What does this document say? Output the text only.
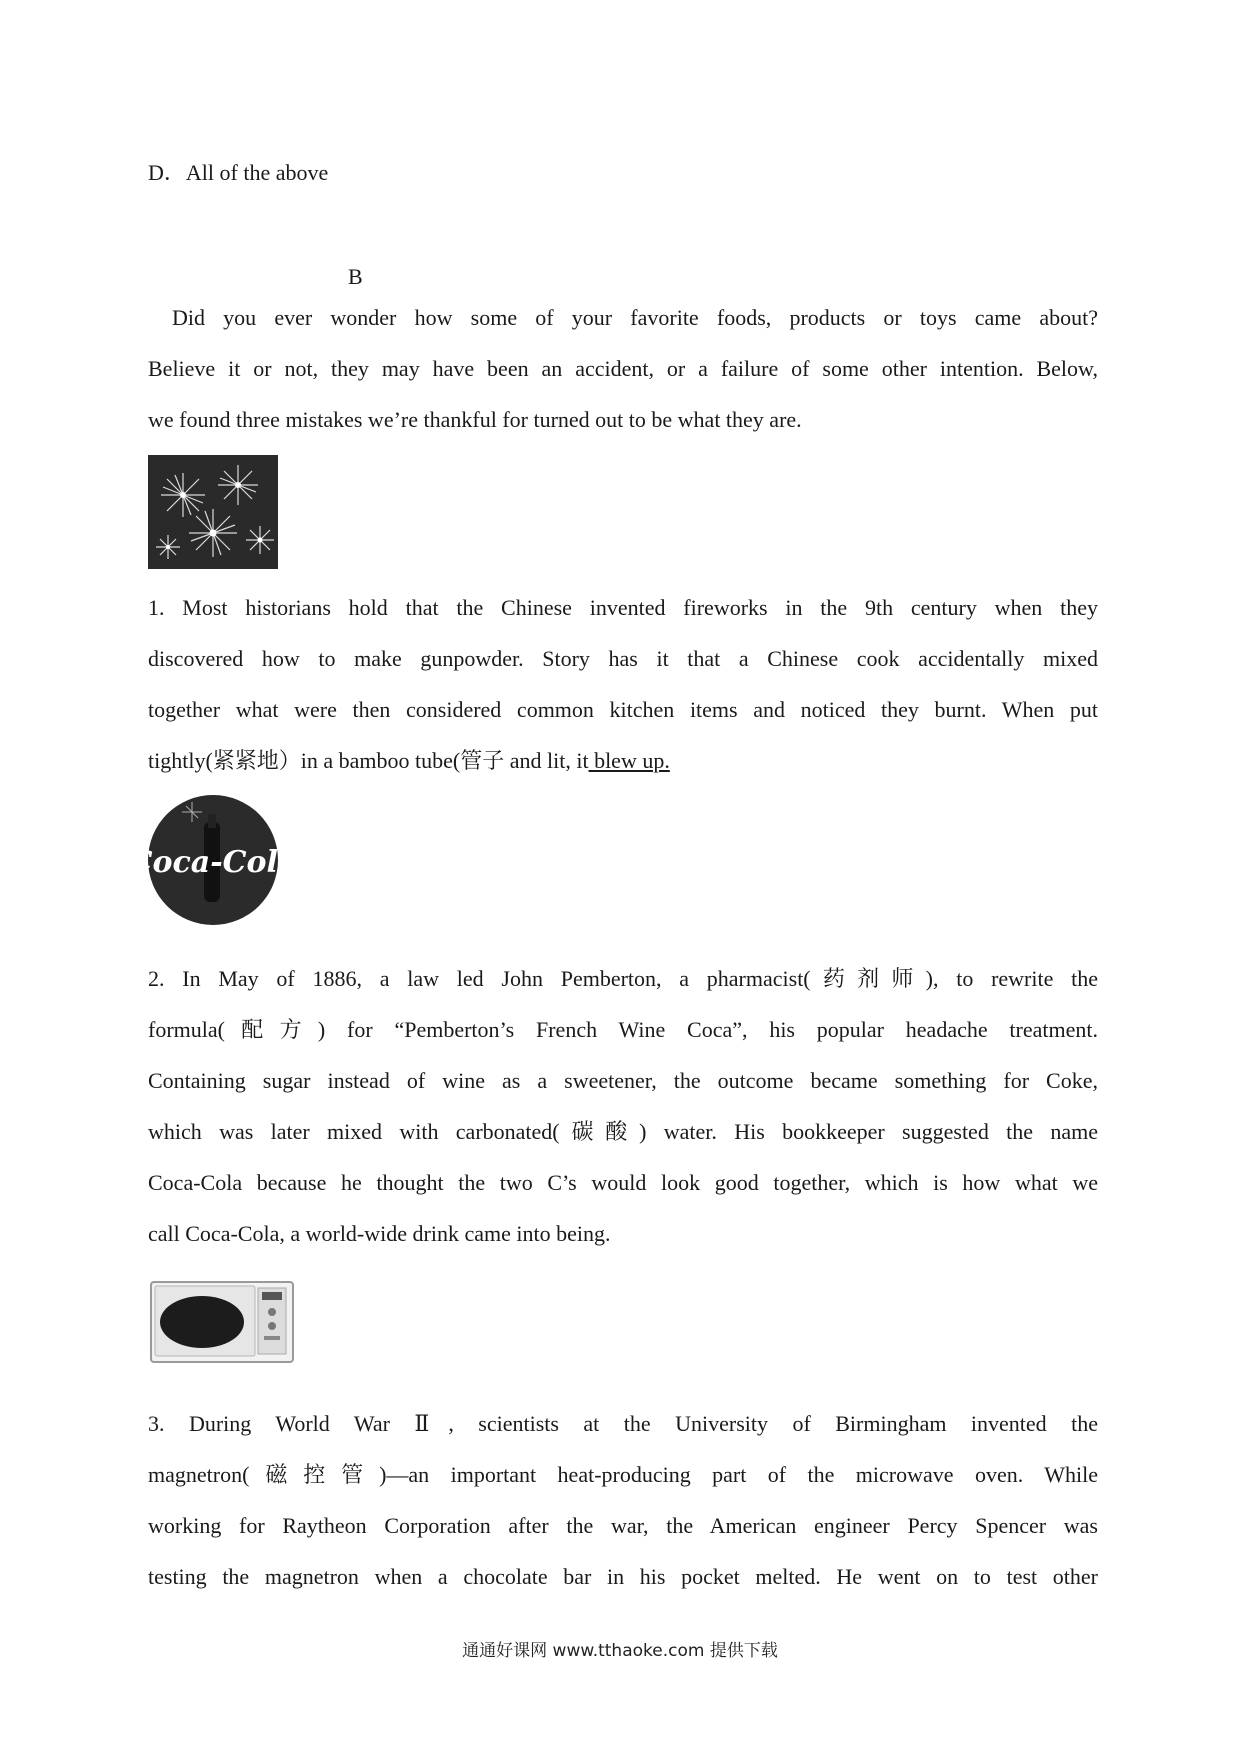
D．All of the above
B
Did you ever wonder how some of your favorite foods, products or toys came about?
Believe it or not, they may have been an accident, or a failure of some other intention. Below,
we found three mistakes we’re thankful for turned out to be what they are.
1. Most historians hold that the Chinese invented fireworks in the 9th century when they
discovered how to make gunpowder. Story has it that a Chinese cook accidentally mixed
together what were then considered common kitchen items and noticed they burnt. When put
tightly(紧紧地）in a bamboo tube(管子 and lit, it blew up.
Coca-Cola
2. In May of 1886, a law led John Pemberton, a pharmacist(药剂师), to rewrite the
formula(配方) for “Pemberton’s French Wine Coca”, his popular headache treatment.
Containing sugar instead of wine as a sweetener, the outcome became something for Coke,
which was later mixed with carbonated(碳酸) water. His bookkeeper suggested the name
Coca-Cola because he thought the two C’s would look good together, which is how what we
call Coca-Cola, a world-wide drink came into being.
3. During World War Ⅱ, scientists at the University of Birmingham invented the
magnetron(磁控管)—an important heat-producing part of the microwave oven. While
working for Raytheon Corporation after the war, the American engineer Percy Spencer was
testing the magnetron when a chocolate bar in his pocket melted. He went on to test other
通通好课网 www.tthaoke.com 提供下载
